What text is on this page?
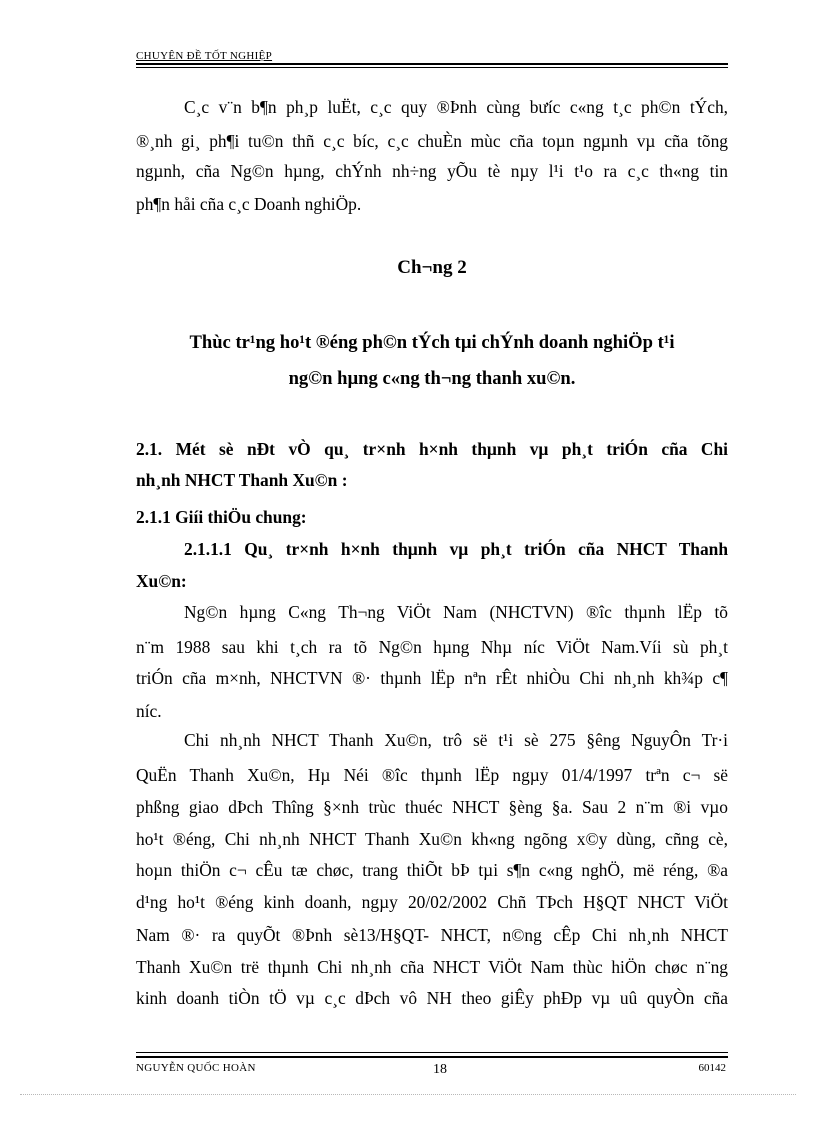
CHUYÊN ĐỀ TỐT NGHIỆP
C¸c v¨n b¶n ph¸p luËt, c¸c quy ®Þnh cùng bưíc c«ng t¸c ph©n tÝch,
®¸nh gi¸ ph¶i tu©n thñ c¸c bíc, c¸c chuÈn mùc cña toµn ngµnh vµ cña tõng
ngµnh, cña Ng©n hµng, chÝnh nh÷ng yÕu tè nµy l¹i t¹o ra c¸c th«ng tin
ph¶n håi cña c¸c Doanh nghiÖp.
Ch¬ng 2
Thùc tr¹ng ho¹t ®éng ph©n tÝch tµi chÝnh doanh nghiÖp t¹i
ng©n hµng c«ng th¬ng thanh xu©n.
2.1. Mét sè nÐt vÒ qu¸ tr×nh h×nh thµnh vµ ph¸t triÓn cña Chi
nh¸nh NHCT Thanh Xu©n :
2.1.1 Giíi thiÖu chung:
2.1.1.1 Qu¸ tr×nh h×nh thµnh vµ ph¸t triÓn cña NHCT Thanh
Xu©n:
Ng©n hµng C«ng Th¬ng ViÖt Nam (NHCTVN) ®îc thµnh lËp tõ
n¨m 1988 sau khi t¸ch ra tõ Ng©n hµng Nhµ níc ViÖt Nam.Víi sù ph¸t
triÓn cña m×nh, NHCTVN ®· thµnh lËp nªn rÊt nhiÒu Chi nh¸nh kh¾p c¶
níc.
Chi nh¸nh NHCT Thanh Xu©n, trô së t¹i sè 275 §êng NguyÔn Tr·i
QuËn Thanh Xu©n, Hµ Néi ®îc thµnh lËp ngµy 01/4/1997 trªn c¬ së
phßng giao dÞch Thîng §×nh trùc thuéc NHCT §èng §a. Sau 2 n¨m ®i vµo
ho¹t ®éng, Chi nh¸nh NHCT Thanh Xu©n kh«ng ngõng x©y dùng, cñng cè,
hoµn thiÖn c¬ cÊu tæ chøc, trang thiÕt bÞ tµi s¶n c«ng nghÖ, më réng, ®a
d¹ng ho¹t ®éng kinh doanh, ngµy 20/02/2002 Chñ TÞch H§QT NHCT ViÖt
Nam ®· ra quyÕt ®Þnh sè13/H§QT- NHCT, n©ng cÊp Chi nh¸nh NHCT
Thanh Xu©n trë thµnh Chi nh¸nh cña NHCT ViÖt Nam thùc hiÖn chøc n¨ng
kinh doanh tiÒn tÖ vµ c¸c dÞch vô NH theo giÊy phÐp vµ uû quyÒn cña
NGUYỄN QUỐC HOÀN	18	60142
